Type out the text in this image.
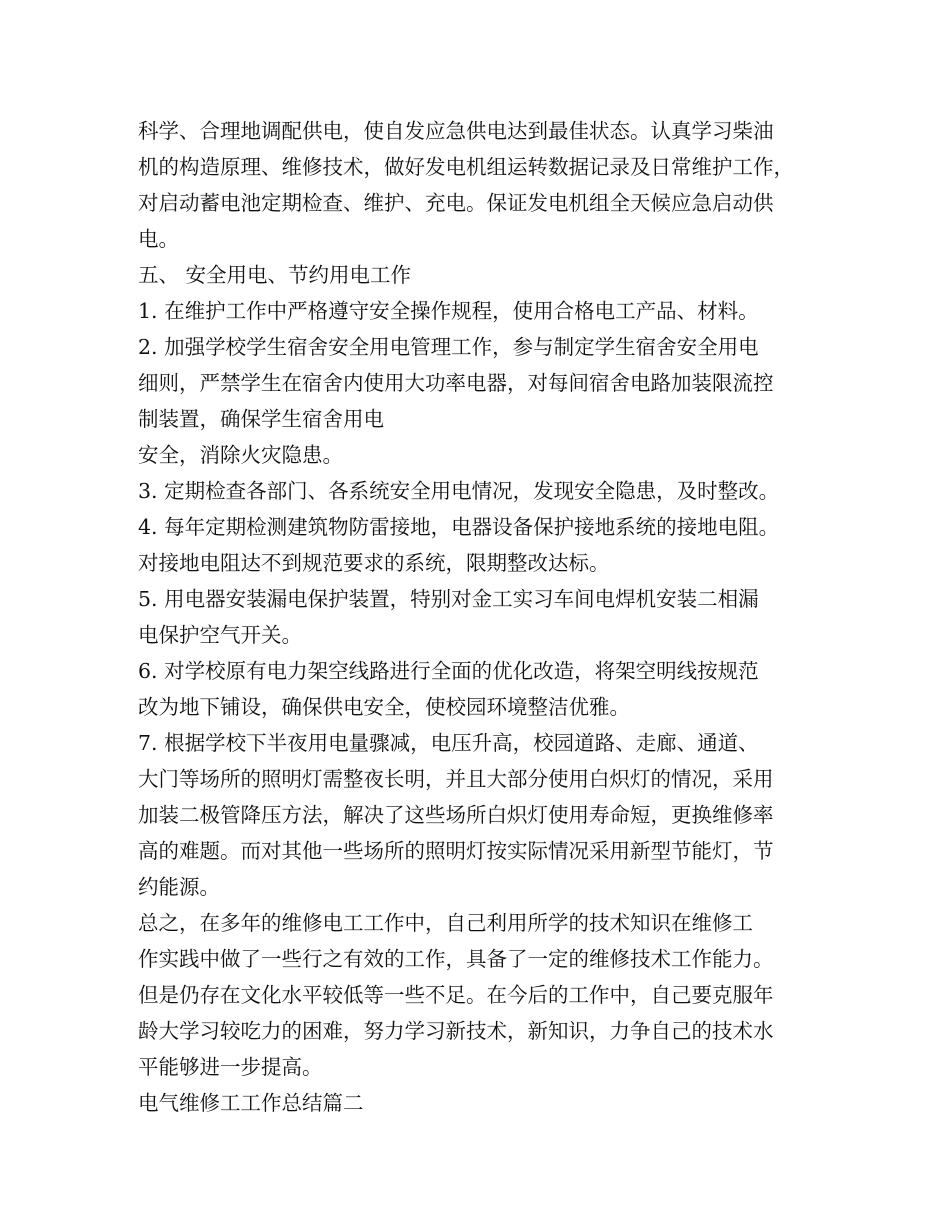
科学、合理地调配供电，使自发应急供电达到最佳状态。认真学习柴油
机的构造原理、维修技术，做好发电机组运转数据记录及日常维护工作，
对启动蓄电池定期检查、维护、充电。保证发电机组全天候应急启动供
电。
五、 安全用电、节约用电工作
1. 在维护工作中严格遵守安全操作规程，使用合格电工产品、材料。
2. 加强学校学生宿舍安全用电管理工作，参与制定学生宿舍安全用电
细则，严禁学生在宿舍内使用大功率电器，对每间宿舍电路加装限流控
制装置，确保学生宿舍用电
安全，消除火灾隐患。
3. 定期检查各部门、各系统安全用电情况，发现安全隐患，及时整改。
4. 每年定期检测建筑物防雷接地，电器设备保护接地系统的接地电阻。
对接地电阻达不到规范要求的系统，限期整改达标。
5. 用电器安装漏电保护装置，特别对金工实习车间电焊机安装二相漏
电保护空气开关。
6. 对学校原有电力架空线路进行全面的优化改造，将架空明线按规范
改为地下铺设，确保供电安全，使校园环境整洁优雅。
7. 根据学校下半夜用电量骤减，电压升高，校园道路、走廊、通道、
大门等场所的照明灯需整夜长明，并且大部分使用白炽灯的情况，采用
加装二极管降压方法，解决了这些场所白炽灯使用寿命短，更换维修率
高的难题。而对其他一些场所的照明灯按实际情况采用新型节能灯，节
约能源。
总之，在多年的维修电工工作中，自己利用所学的技术知识在维修工
作实践中做了一些行之有效的工作，具备了一定的维修技术工作能力。
但是仍存在文化水平较低等一些不足。在今后的工作中，自己要克服年
龄大学习较吃力的困难，努力学习新技术，新知识，力争自己的技术水
平能够进一步提高。
电气维修工工作总结篇二
